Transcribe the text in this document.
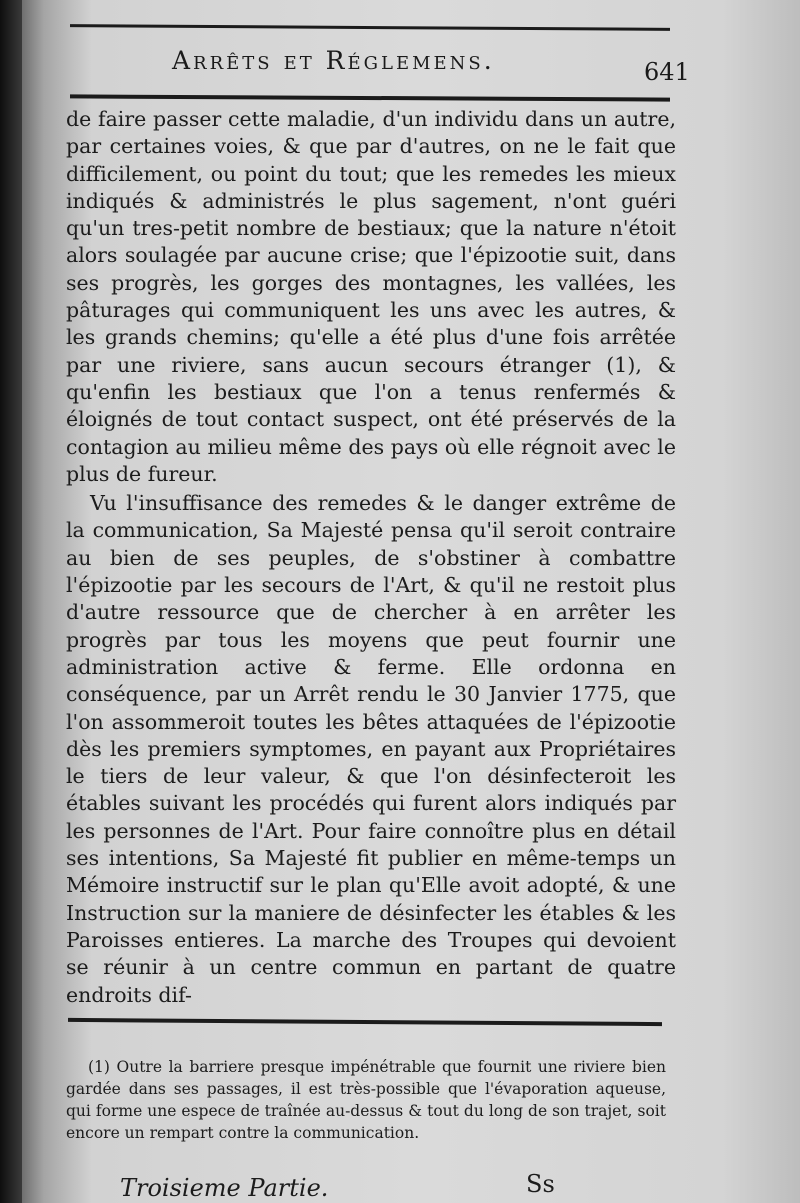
Arrêts et Réglemens.	641

de faire passer cette maladie, d'un individu dans un autre, par certaines voies, & que par d'autres, on ne le fait que difficilement, ou point du tout; que les remedes les mieux indiqués & administrés le plus sagement, n'ont guéri qu'un tres-petit nombre de bestiaux; que la nature n'étoit alors soulagée par aucune crise; que l'épizootie suit, dans ses progrès, les gorges des montagnes, les vallées, les pâturages qui communiquent les uns avec les autres, & les grands chemins; qu'elle a été plus d'une fois arrêtée par une riviere, sans aucun secours étranger (1), & qu'enfin les bestiaux que l'on a tenus renfermés & éloignés de tout contact suspect, ont été préservés de la contagion au milieu même des pays où elle régnoit avec le plus de fureur.

Vu l'insuffisance des remedes & le danger extrême de la communication, Sa Majesté pensa qu'il seroit contraire au bien de ses peuples, de s'obstiner à combattre l'épizootie par les secours de l'Art, & qu'il ne restoit plus d'autre ressource que de chercher à en arrêter les progrès par tous les moyens que peut fournir une administration active & ferme. Elle ordonna en conséquence, par un Arrêt rendu le 30 Janvier 1775, que l'on assommeroit toutes les bêtes attaquées de l'épizootie dès les premiers symptomes, en payant aux Propriétaires le tiers de leur valeur, & que l'on désinfecteroit les étables suivant les procédés qui furent alors indiqués par les personnes de l'Art. Pour faire connoître plus en détail ses intentions, Sa Majesté fit publier en même-temps un Mémoire instructif sur le plan qu'Elle avoit adopté, & une Instruction sur la maniere de désinfecter les étables & les Paroisses entieres. La marche des Troupes qui devoient se réunir à un centre commun en partant de quatre endroits dif-

(1) Outre la barriere presque impénétrable que fournit une riviere bien gardée dans ses passages, il est très-possible que l'évaporation aqueuse, qui forme une espece de traînée au-dessus & tout du long de son trajet, soit encore un rempart contre la communication.

Troisieme Partie.	Ss
